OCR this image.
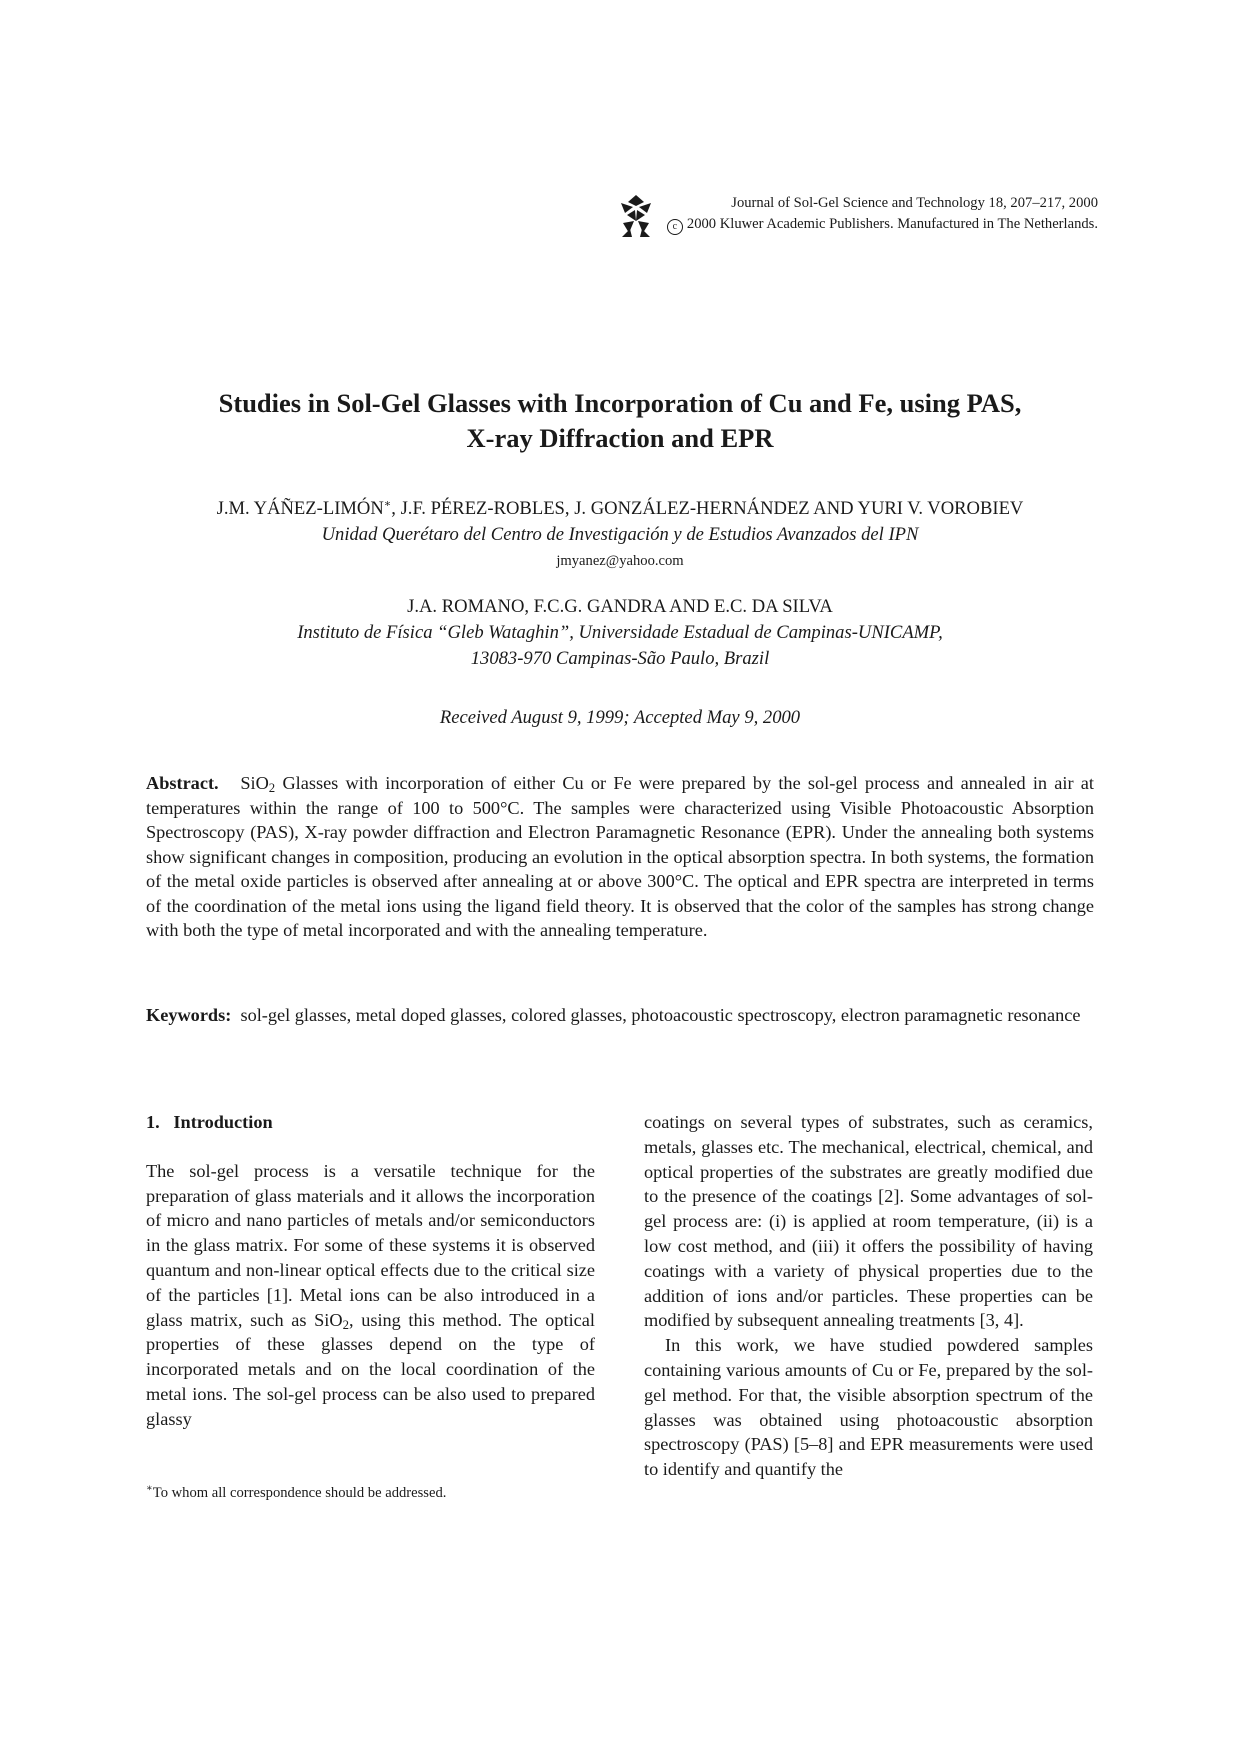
Journal of Sol-Gel Science and Technology 18, 207–217, 2000
c 2000 Kluwer Academic Publishers. Manufactured in The Netherlands.
Studies in Sol-Gel Glasses with Incorporation of Cu and Fe, using PAS,
X-ray Diffraction and EPR
J.M. YÁÑEZ-LIMÓN∗, J.F. PÉREZ-ROBLES, J. GONZÁLEZ-HERNÁNDEZ AND YURI V. VOROBIEV
Unidad Querétaro del Centro de Investigación y de Estudios Avanzados del IPN
jmyanez@yahoo.com
J.A. ROMANO, F.C.G. GANDRA AND E.C. DA SILVA
Instituto de Física “Gleb Wataghin”, Universidade Estadual de Campinas-UNICAMP,
13083-970 Campinas-São Paulo, Brazil
Received August 9, 1999; Accepted May 9, 2000
Abstract. SiO$_2$ Glasses with incorporation of either Cu or Fe were prepared by the sol-gel process and annealed in air at temperatures within the range of 100 to 500°C. The samples were characterized using Visible Photoacoustic Absorption Spectroscopy (PAS), X-ray powder diffraction and Electron Paramagnetic Resonance (EPR). Under the annealing both systems show significant changes in composition, producing an evolution in the optical absorption spectra. In both systems, the formation of the metal oxide particles is observed after annealing at or above 300°C. The optical and EPR spectra are interpreted in terms of the coordination of the metal ions using the ligand field theory. It is observed that the color of the samples has strong change with both the type of metal incorporated and with the annealing temperature.
Keywords: sol-gel glasses, metal doped glasses, colored glasses, photoacoustic spectroscopy, electron paramagnetic resonance
1.   Introduction

The sol-gel process is a versatile technique for the preparation of glass materials and it allows the incorporation of micro and nano particles of metals and/or semiconductors in the glass matrix. For some of these systems it is observed quantum and non-linear optical effects due to the critical size of the particles [1]. Metal ions can be also introduced in a glass matrix, such as SiO$_2$, using this method. The optical properties of these glasses depend on the type of incorporated metals and on the local coordination of the metal ions. The sol-gel process can be also used to prepared glassy

coatings on several types of substrates, such as ceramics, metals, glasses etc. The mechanical, electrical, chemical, and optical properties of the substrates are greatly modified due to the presence of the coatings [2]. Some advantages of sol-gel process are: (i) is applied at room temperature, (ii) is a low cost method, and (iii) it offers the possibility of having coatings with a variety of physical properties due to the addition of ions and/or particles. These properties can be modified by subsequent annealing treatments [3, 4].

In this work, we have studied powdered samples containing various amounts of Cu or Fe, prepared by the sol-gel method. For that, the visible absorption spectrum of the glasses was obtained using photoacoustic absorption spectroscopy (PAS) [5–8] and EPR measurements were used to identify and quantify the

∗To whom all correspondence should be addressed.
